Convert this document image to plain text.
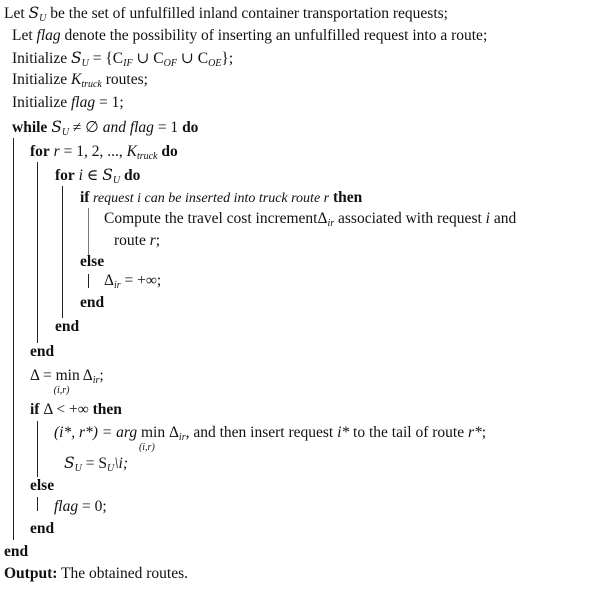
Let $S_U$ be the set of unfulfilled inland container transportation requests;
Let flag denote the possibility of inserting an unfulfilled request into a route;
Initialize $S_U = \{C_{IF}$ ∪ $C_{OF}$ ∪ $C_{OE}$};
Initialize $K_{truck}$ routes;
Initialize flag = 1;
while $S_U$ ≠ ∅ and flag = 1 do
for r = 1, 2, ..., $K_{truck}$ do
for i ∈ $S_U$ do
if request i can be inserted into truck route r then
Compute the travel cost incrementΔ$_{ir}$ associated with request i and
route r;
else
$\Delta_{ir}$ = +∞;
end
end
end
Δ = min
(i,r)
$\Delta_{ir}$;
if Δ < +∞ then
(i*, r*) = arg min
(i,r)
$\Delta_{ir}$, and then insert request i* to the tail of route r*;
$S_U$ = $S_U\backslash i$;
else
flag = 0;
end
end
Output: The obtained routes.
